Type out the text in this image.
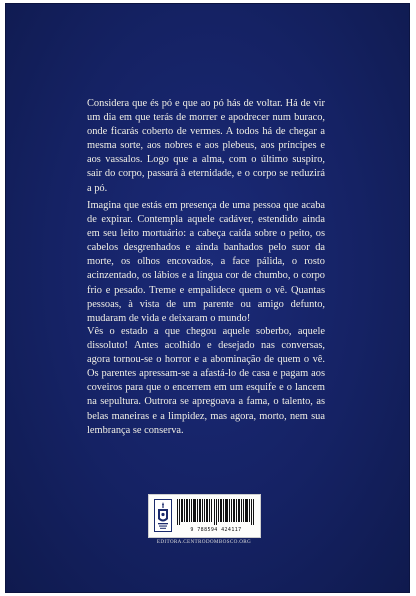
Considera que és pó e que ao pó hás de voltar. Há de vir um dia em que terás de morrer e apodrecer num buraco, onde ficarás coberto de vermes. A todos há de chegar a mesma sorte, aos nobres e aos plebeus, aos príncipes e aos vassalos. Logo que a alma, com o último suspiro, sair do corpo, passará à eternidade, e o corpo se reduzirá a pó.

Imagina que estás em presença de uma pessoa que acaba de expirar. Contempla aquele cadáver, estendido ainda em seu leito mortuário: a cabeça caída sobre o peito, os cabelos desgrenhados e ainda banhados pelo suor da morte, os olhos encovados, a face pálida, o rosto acinzentado, os lábios e a língua cor de chumbo, o corpo frio e pesado. Treme e empalidece quem o vê. Quantas pessoas, à vista de um parente ou amigo defunto, mudaram de vida e deixaram o mundo!

Vês o estado a que chegou aquele soberbo, aquele dissoluto! Antes acolhido e desejado nas conversas, agora tornou-se o horror e a abominação de quem o vê. Os parentes apressam-se a afastá-lo de casa e pagam aos coveiros para que o encerrem em um esquife e o lancem na sepultura. Outrora se apregoava a fama, o talento, as belas maneiras e a limpidez, mas agora, morto, nem sua lembrança se conserva.

9 788594 424117
EDITORA.CENTRODOMBOSCO.ORG
